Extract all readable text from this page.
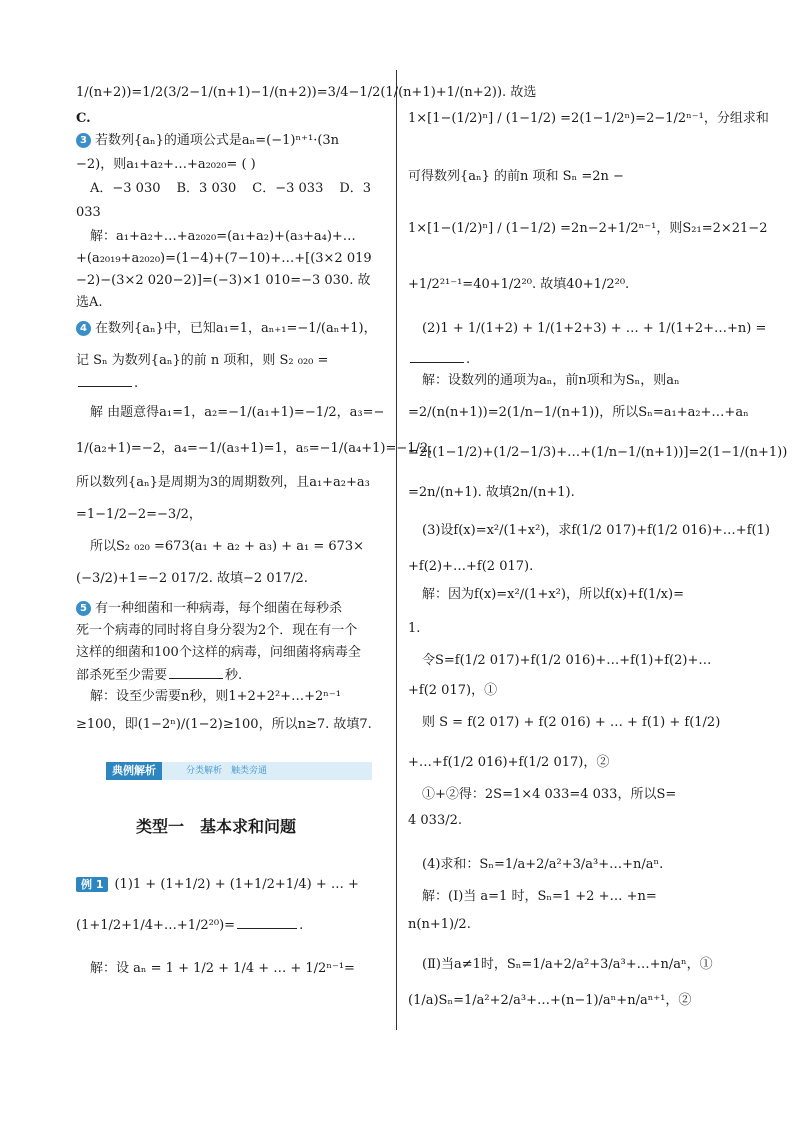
1/(n+2))=1/2(3/2−1/(n+1)−1/(n+2))=3/4−1/2(1/(n+1)+1/(n+2)). 故选
C.
3 若数列{aₙ}的通项公式是aₙ=(−1)ⁿ⁺¹·(3n
−2)，则a₁+a₂+…+a₂₀₂₀= ( )
A．−3 030 B．3 030 C．−3 033 D．3
033
解：a₁+a₂+…+a₂₀₂₀=(a₁+a₂)+(a₃+a₄)+…
+(a₂₀₁₉+a₂₀₂₀)=(1−4)+(7−10)+…+[(3×2 019
−2)−(3×2 020−2)]=(−3)×1 010=−3 030. 故
选A.
4 在数列{aₙ}中，已知a₁=1，aₙ₊₁=−1/(aₙ+1)，
记 Sₙ 为数列{aₙ}的前 n 项和，则 S₂ ₀₂₀ =
.
解 由题意得a₁=1，a₂=−1/(a₁+1)=−1/2，a₃=−
1/(a₂+1)=−2，a₄=−1/(a₃+1)=1，a₅=−1/(a₄+1)=−1/2，
所以数列{aₙ}是周期为3的周期数列，且a₁+a₂+a₃
=1−1/2−2=−3/2，
所以S₂ ₀₂₀ =673(a₁ + a₂ + a₃) + a₁ = 673×
(−3/2)+1=−2 017/2. 故填−2 017/2.
5 有一种细菌和一种病毒，每个细菌在每秒杀
死一个病毒的同时将自身分裂为2个．现在有一个
这样的细菌和100个这样的病毒，问细菌将病毒全
部杀死至少需要	秒.
解：设至少需要n秒，则1+2+2²+…+2ⁿ⁻¹
≥100，即(1−2ⁿ)/(1−2)≥100，所以n≥7. 故填7.
典例解析	分类解析　触类旁通
类型一　基本求和问题
例 1 (1)1 + (1+1/2) + (1+1/2+1/4) + … +
(1+1/2+1/4+…+1/2²⁰)=	.
解：设 aₙ = 1 + 1/2 + 1/4 + … + 1/2ⁿ⁻¹=
1×[1−(1/2)ⁿ] / (1−1/2) =2(1−1/2ⁿ)=2−1/2ⁿ⁻¹，分组求和
可得数列{aₙ} 的前n 项和 Sₙ =2n −
1×[1−(1/2)ⁿ] / (1−1/2) =2n−2+1/2ⁿ⁻¹，则S₂₁=2×21−2
+1/2²¹⁻¹=40+1/2²⁰. 故填40+1/2²⁰.
(2)1 + 1/(1+2) + 1/(1+2+3) + … + 1/(1+2+…+n) =
.
解：设数列的通项为aₙ，前n项和为Sₙ，则aₙ
=2/(n(n+1))=2(1/n−1/(n+1))，所以Sₙ=a₁+a₂+…+aₙ
=2[(1−1/2)+(1/2−1/3)+…+(1/n−1/(n+1))]=2(1−1/(n+1))
=2n/(n+1). 故填2n/(n+1).
(3)设f(x)=x²/(1+x²)，求f(1/2 017)+f(1/2 016)+…+f(1)
+f(2)+…+f(2 017).
解：因为f(x)=x²/(1+x²)，所以f(x)+f(1/x)=
1.
令S=f(1/2 017)+f(1/2 016)+…+f(1)+f(2)+…
+f(2 017)，①
则 S = f(2 017) + f(2 016) + … + f(1) + f(1/2)
+…+f(1/2 016)+f(1/2 017)，②
①+②得：2S=1×4 033=4 033，所以S=
4 033/2.
(4)求和：Sₙ=1/a+2/a²+3/a³+…+n/aⁿ.
解：(Ⅰ)当 a=1 时，Sₙ=1 +2 +… +n=
n(n+1)/2.
(Ⅱ)当a≠1时，Sₙ=1/a+2/a²+3/a³+…+n/aⁿ，①
(1/a)Sₙ=1/a²+2/a³+…+(n−1)/aⁿ+n/aⁿ⁺¹，②
